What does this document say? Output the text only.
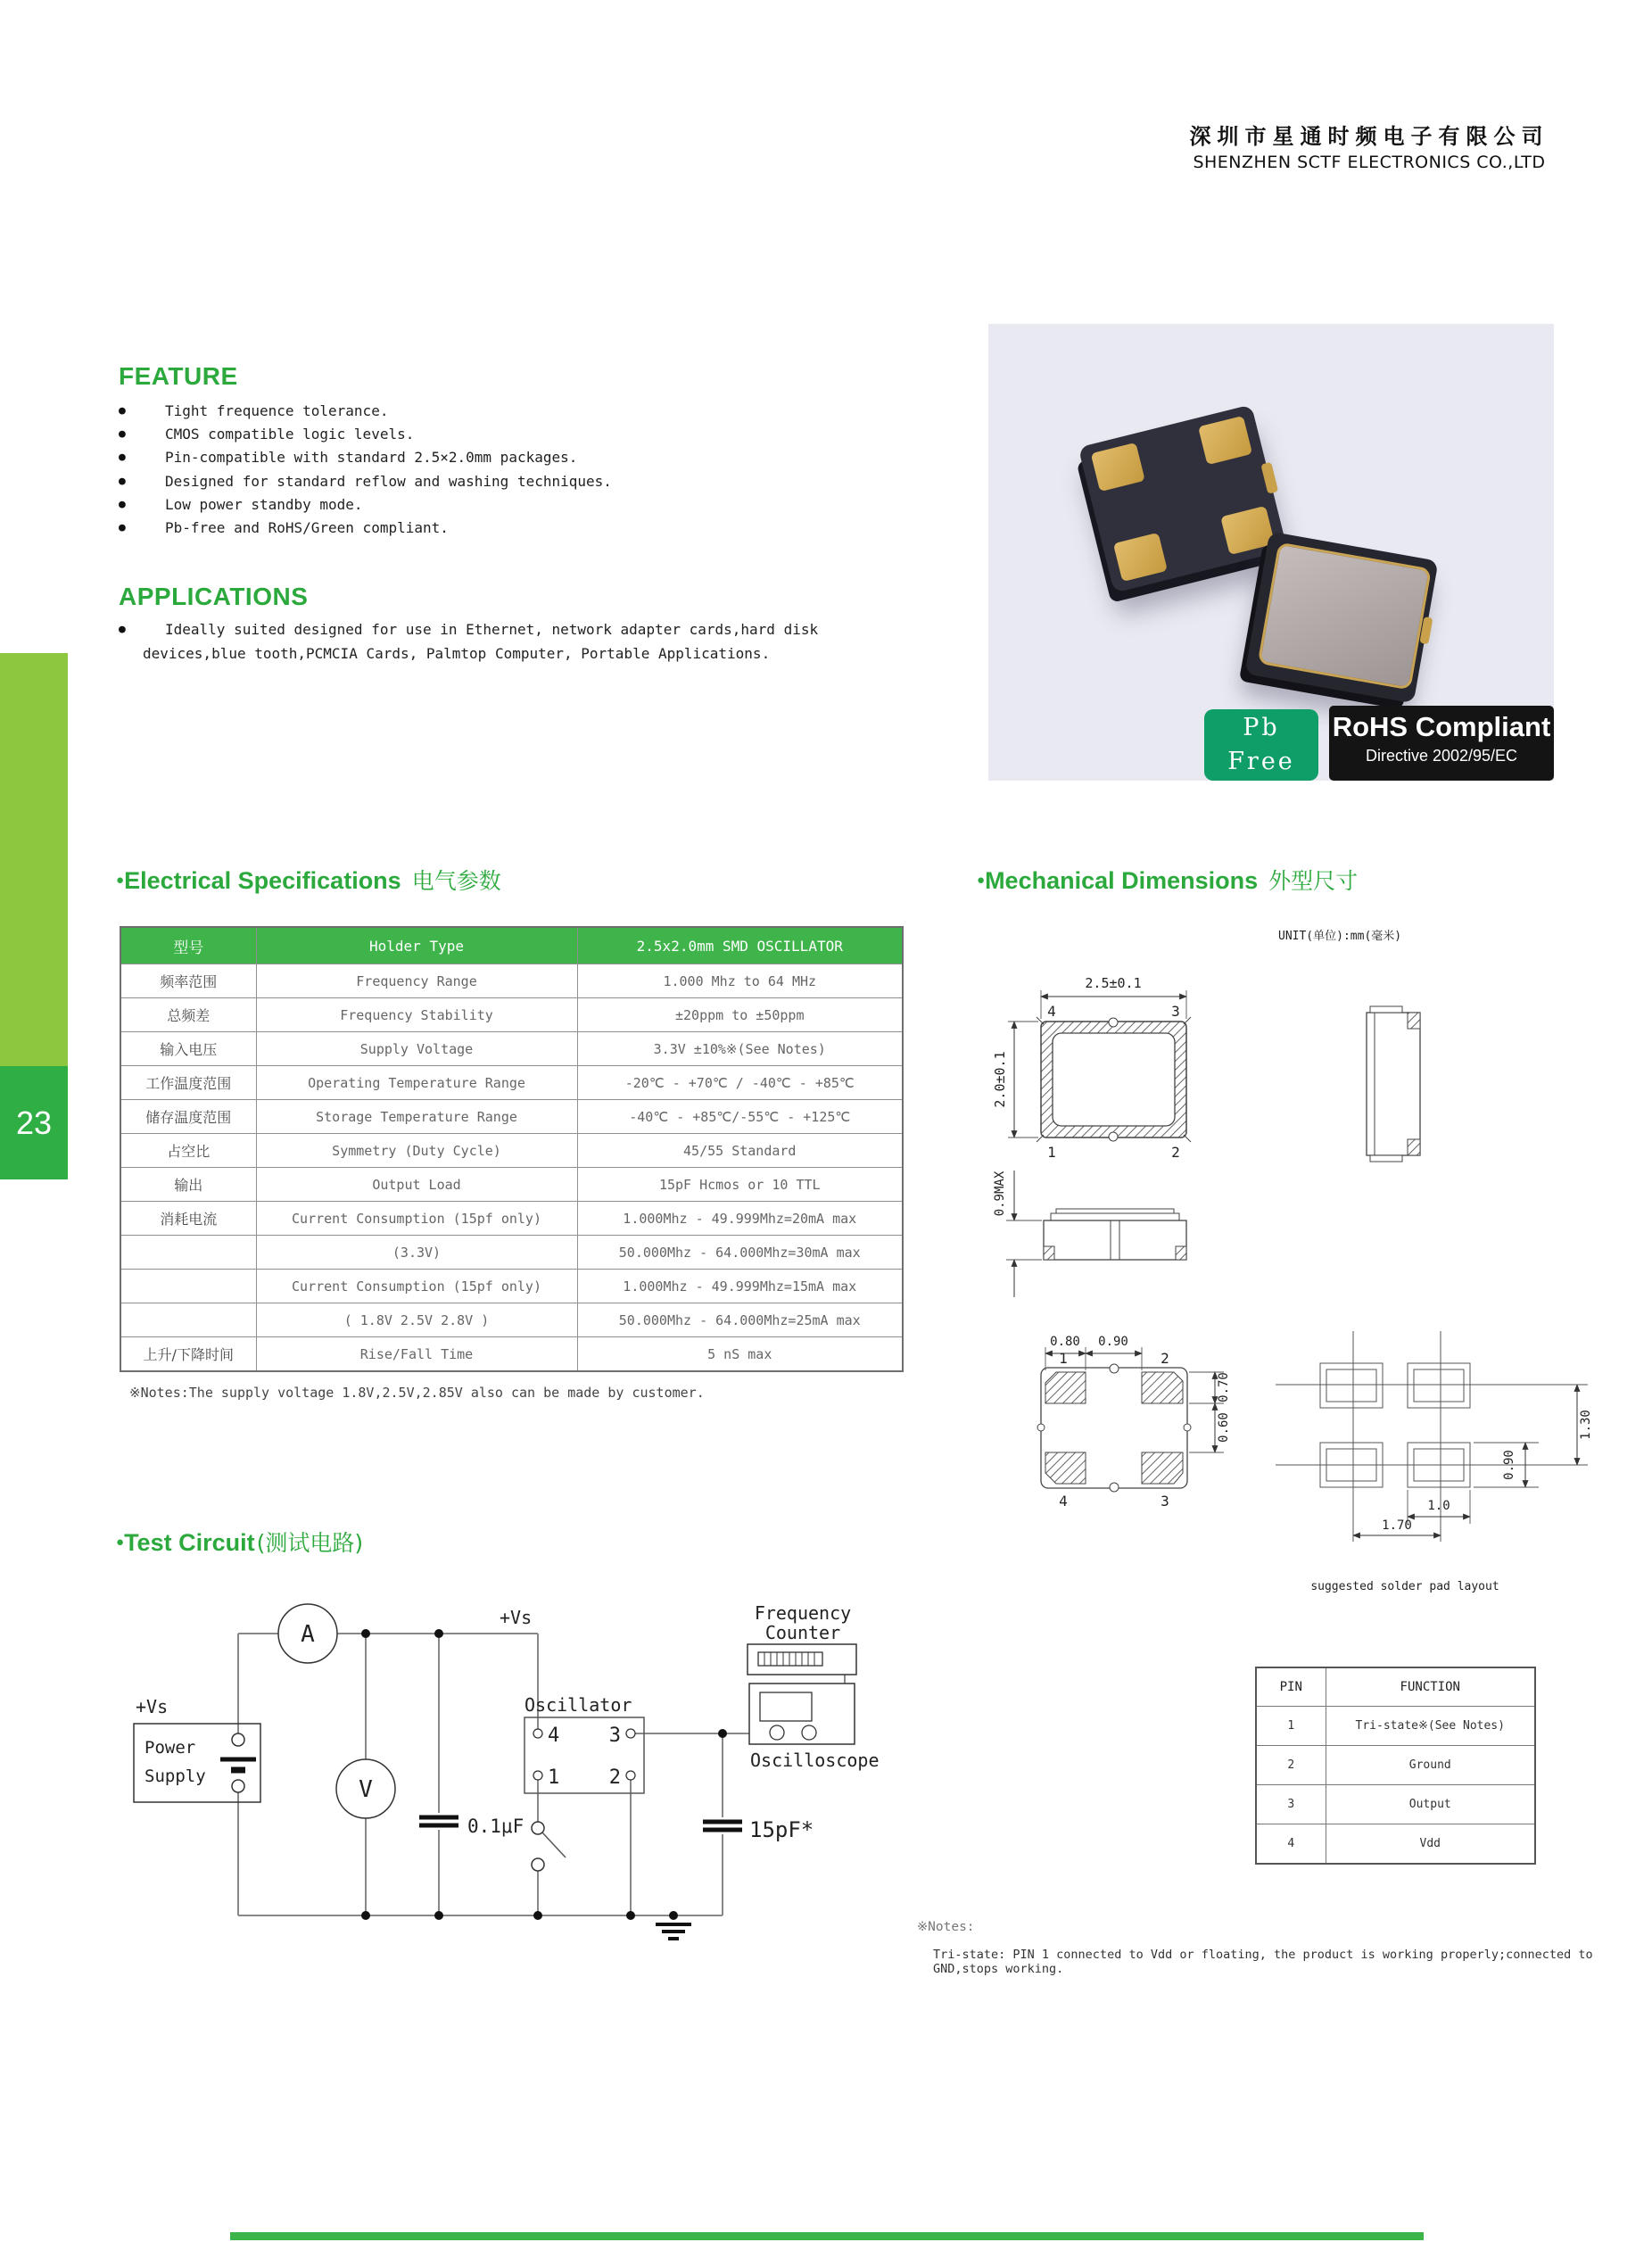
23
深圳市星通时频电子有限公司
SHENZHEN SCTF ELECTRONICS CO.,LTD
FEATURE
●	Tight frequence tolerance.
●	CMOS compatible logic levels.
●	Pin-compatible with standard 2.5×2.0mm packages.
●	Designed for standard reflow and washing techniques.
●	Low power standby mode.
●	Pb-free and RoHS/Green compliant.
APPLICATIONS
●	Ideally suited designed for use in Ethernet, network adapter cards,hard disk
devices,blue tooth,PCMCIA Cards, Palmtop Computer, Portable Applications.
Pb
Free
RoHS Compliant
Directive 2002/95/EC
●Electrical Specifications 电气参数
型号	Holder Type	2.5x2.0mm SMD OSCILLATOR
频率范围	Frequency Range	1.000 Mhz to 64 MHz
总频差	Frequency Stability	±20ppm to ±50ppm
输入电压	Supply Voltage	3.3V ±10%※(See Notes)
工作温度范围	Operating Temperature Range	-20℃ - +70℃ / -40℃ - +85℃
储存温度范围	Storage Temperature Range	-40℃ - +85℃/-55℃ - +125℃
占空比	Symmetry (Duty Cycle)	45/55 Standard
输出	Output Load	15pF Hcmos or 10 TTL
消耗电流	Current Consumption (15pf only)	1.000Mhz - 49.999Mhz=20mA max
	(3.3V)	50.000Mhz - 64.000Mhz=30mA max
	Current Consumption (15pf only)	1.000Mhz - 49.999Mhz=15mA max
	( 1.8V 2.5V 2.8V )	50.000Mhz - 64.000Mhz=25mA max
上升/下降时间	Rise/Fall Time	5 nS max
※Notes:The supply voltage 1.8V,2.5V,2.85V also can be made by customer.
●Mechanical Dimensions 外型尺寸
UNIT(单位):mm(毫米)
2.5±0.1
2.0±0.1
4	3
1	2
0.9MAX
0.80 0.90
0.70
0.60
1	2
4	3
1.30
0.90
1.0
1.70
suggested solder pad layout
●Test Circuit(测试电路)
+Vs
Power
Supply
A
V
0.1μF
+Vs
Oscillator
4	3
1	2
15pF*
Frequency
Counter
Oscilloscope
PIN	FUNCTION
1	Tri-state※(See Notes)
2	Ground
3	Output
4	Vdd
※Notes:
Tri-state: PIN 1 connected to Vdd or floating, the product is working properly;connected to GND,stops working.
